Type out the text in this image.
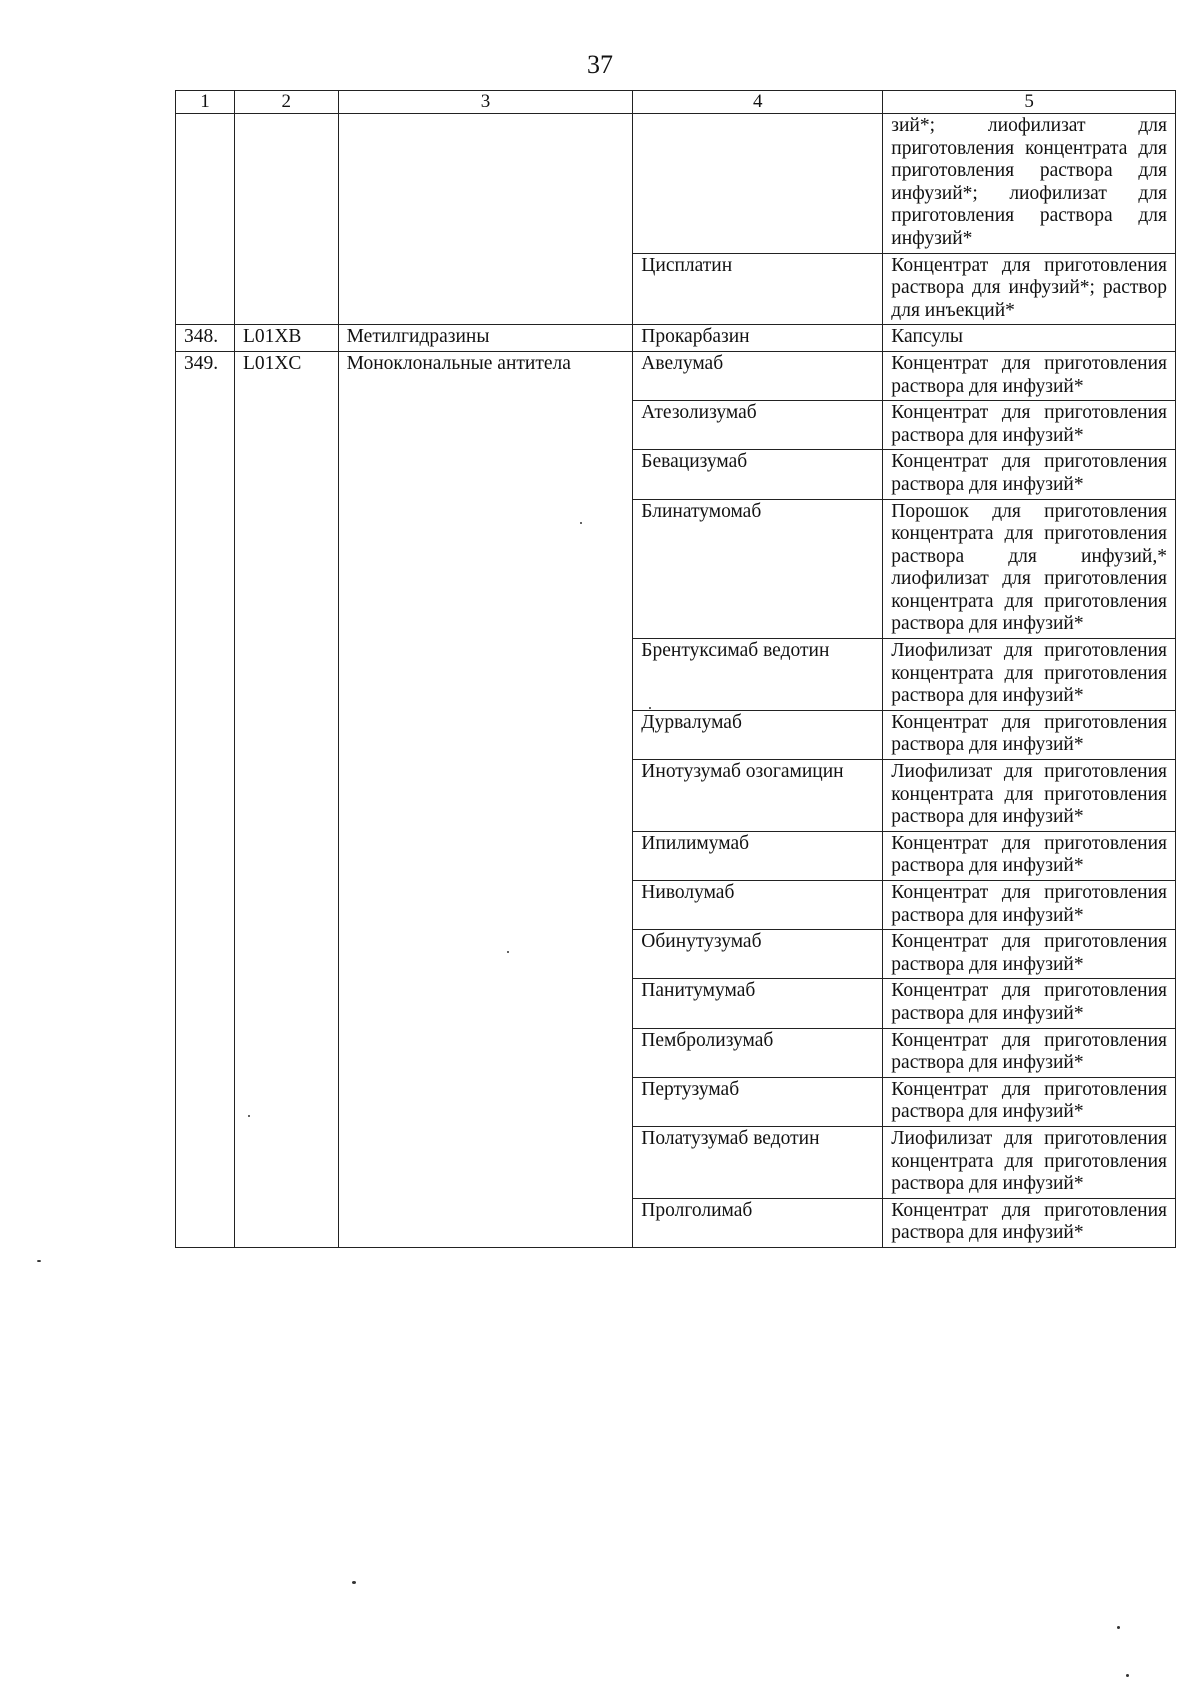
37
1	2	3	4	5
				зий*; лиофилизат для приготовления концентрата для приготовления раствора для инфузий*; лиофилизат для приготовления раствора для инфузий*
			Цисплатин	Концентрат для приготовления раствора для инфузий*; раствор для инъекций*
348.	L01XB	Метилгидразины	Прокарбазин	Капсулы
349.	L01XC	Моноклональные антитела	Авелумаб	Концентрат для приготовления раствора для инфузий*
			Атезолизумаб	Концентрат для приготовления раствора для инфузий*
			Бевацизумаб	Концентрат для приготовления раствора для инфузий*
			Блинатумомаб	Порошок для приготовления концентрата для приготовления раствора для инфузий,* лиофилизат для приготовления концентрата для приготовления раствора для инфузий*
			Брентуксимаб ведотин	Лиофилизат для приготовления концентрата для приготовления раствора для инфузий*
			Дурвалумаб	Концентрат для приготовления раствора для инфузий*
			Инотузумаб озогамицин	Лиофилизат для приготовления концентрата для приготовления раствора для инфузий*
			Ипилимумаб	Концентрат для приготовления раствора для инфузий*
			Ниволумаб	Концентрат для приготовления раствора для инфузий*
			Обинутузумаб	Концентрат для приготовления раствора для инфузий*
			Панитумумаб	Концентрат для приготовления раствора для инфузий*
			Пембролизумаб	Концентрат для приготовления раствора для инфузий*
			Пертузумаб	Концентрат для приготовления раствора для инфузий*
			Полатузумаб ведотин	Лиофилизат для приготовления концентрата для приготовления раствора для инфузий*
			Пролголимаб	Концентрат для приготовления раствора для инфузий*
